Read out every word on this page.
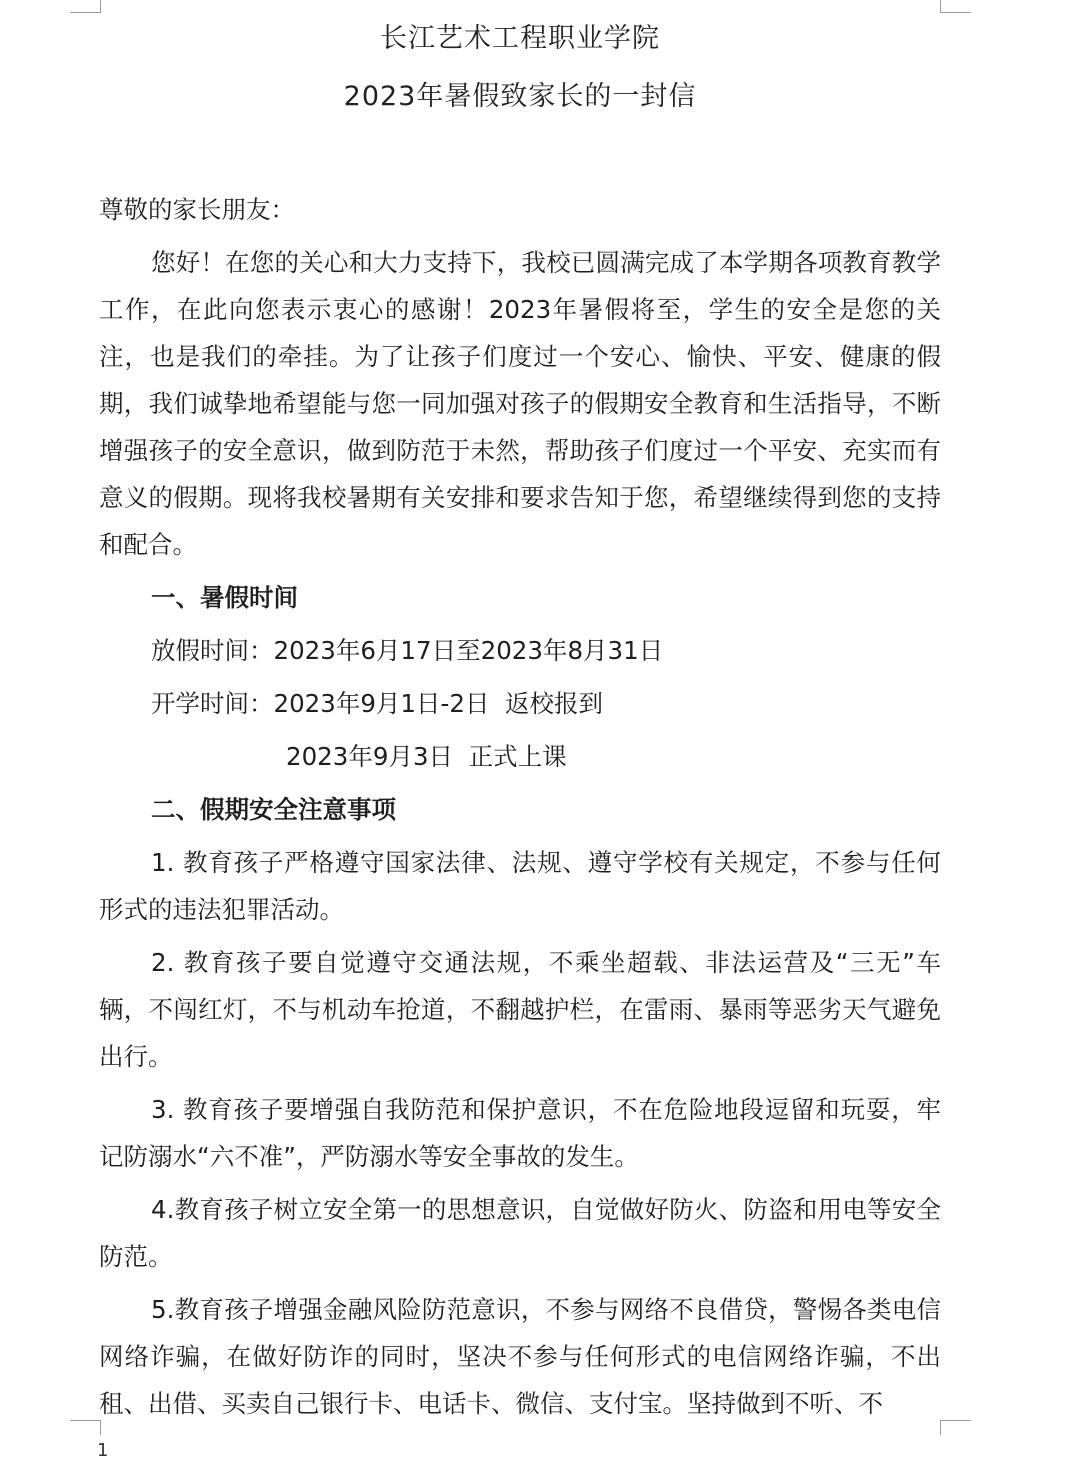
长江艺术工程职业学院
2023年暑假致家长的一封信

尊敬的家长朋友：

您好！在您的关心和大力支持下，我校已圆满完成了本学期各项教育教学工作，在此向您表示衷心的感谢！2023年暑假将至，学生的安全是您的关注，也是我们的牵挂。为了让孩子们度过一个安心、愉快、平安、健康的假期，我们诚挚地希望能与您一同加强对孩子的假期安全教育和生活指导，不断增强孩子的安全意识，做到防范于未然，帮助孩子们度过一个平安、充实而有意义的假期。现将我校暑期有关安排和要求告知于您，希望继续得到您的支持和配合。

一、暑假时间

放假时间：2023年6月17日至2023年8月31日

开学时间：2023年9月1日-2日  返校报到

2023年9月3日  正式上课

二、假期安全注意事项

1. 教育孩子严格遵守国家法律、法规、遵守学校有关规定，不参与任何形式的违法犯罪活动。

2. 教育孩子要自觉遵守交通法规，不乘坐超载、非法运营及“三无”车辆，不闯红灯，不与机动车抢道，不翻越护栏，在雷雨、暴雨等恶劣天气避免出行。

3. 教育孩子要增强自我防范和保护意识，不在危险地段逗留和玩耍，牢记防溺水“六不准”，严防溺水等安全事故的发生。

4.教育孩子树立安全第一的思想意识，自觉做好防火、防盗和用电等安全防范。

5.教育孩子增强金融风险防范意识，不参与网络不良借贷，警惕各类电信网络诈骗，在做好防诈的同时，坚决不参与任何形式的电信网络诈骗，不出租、出借、买卖自己银行卡、电话卡、微信、支付宝。坚持做到不听、不

1
